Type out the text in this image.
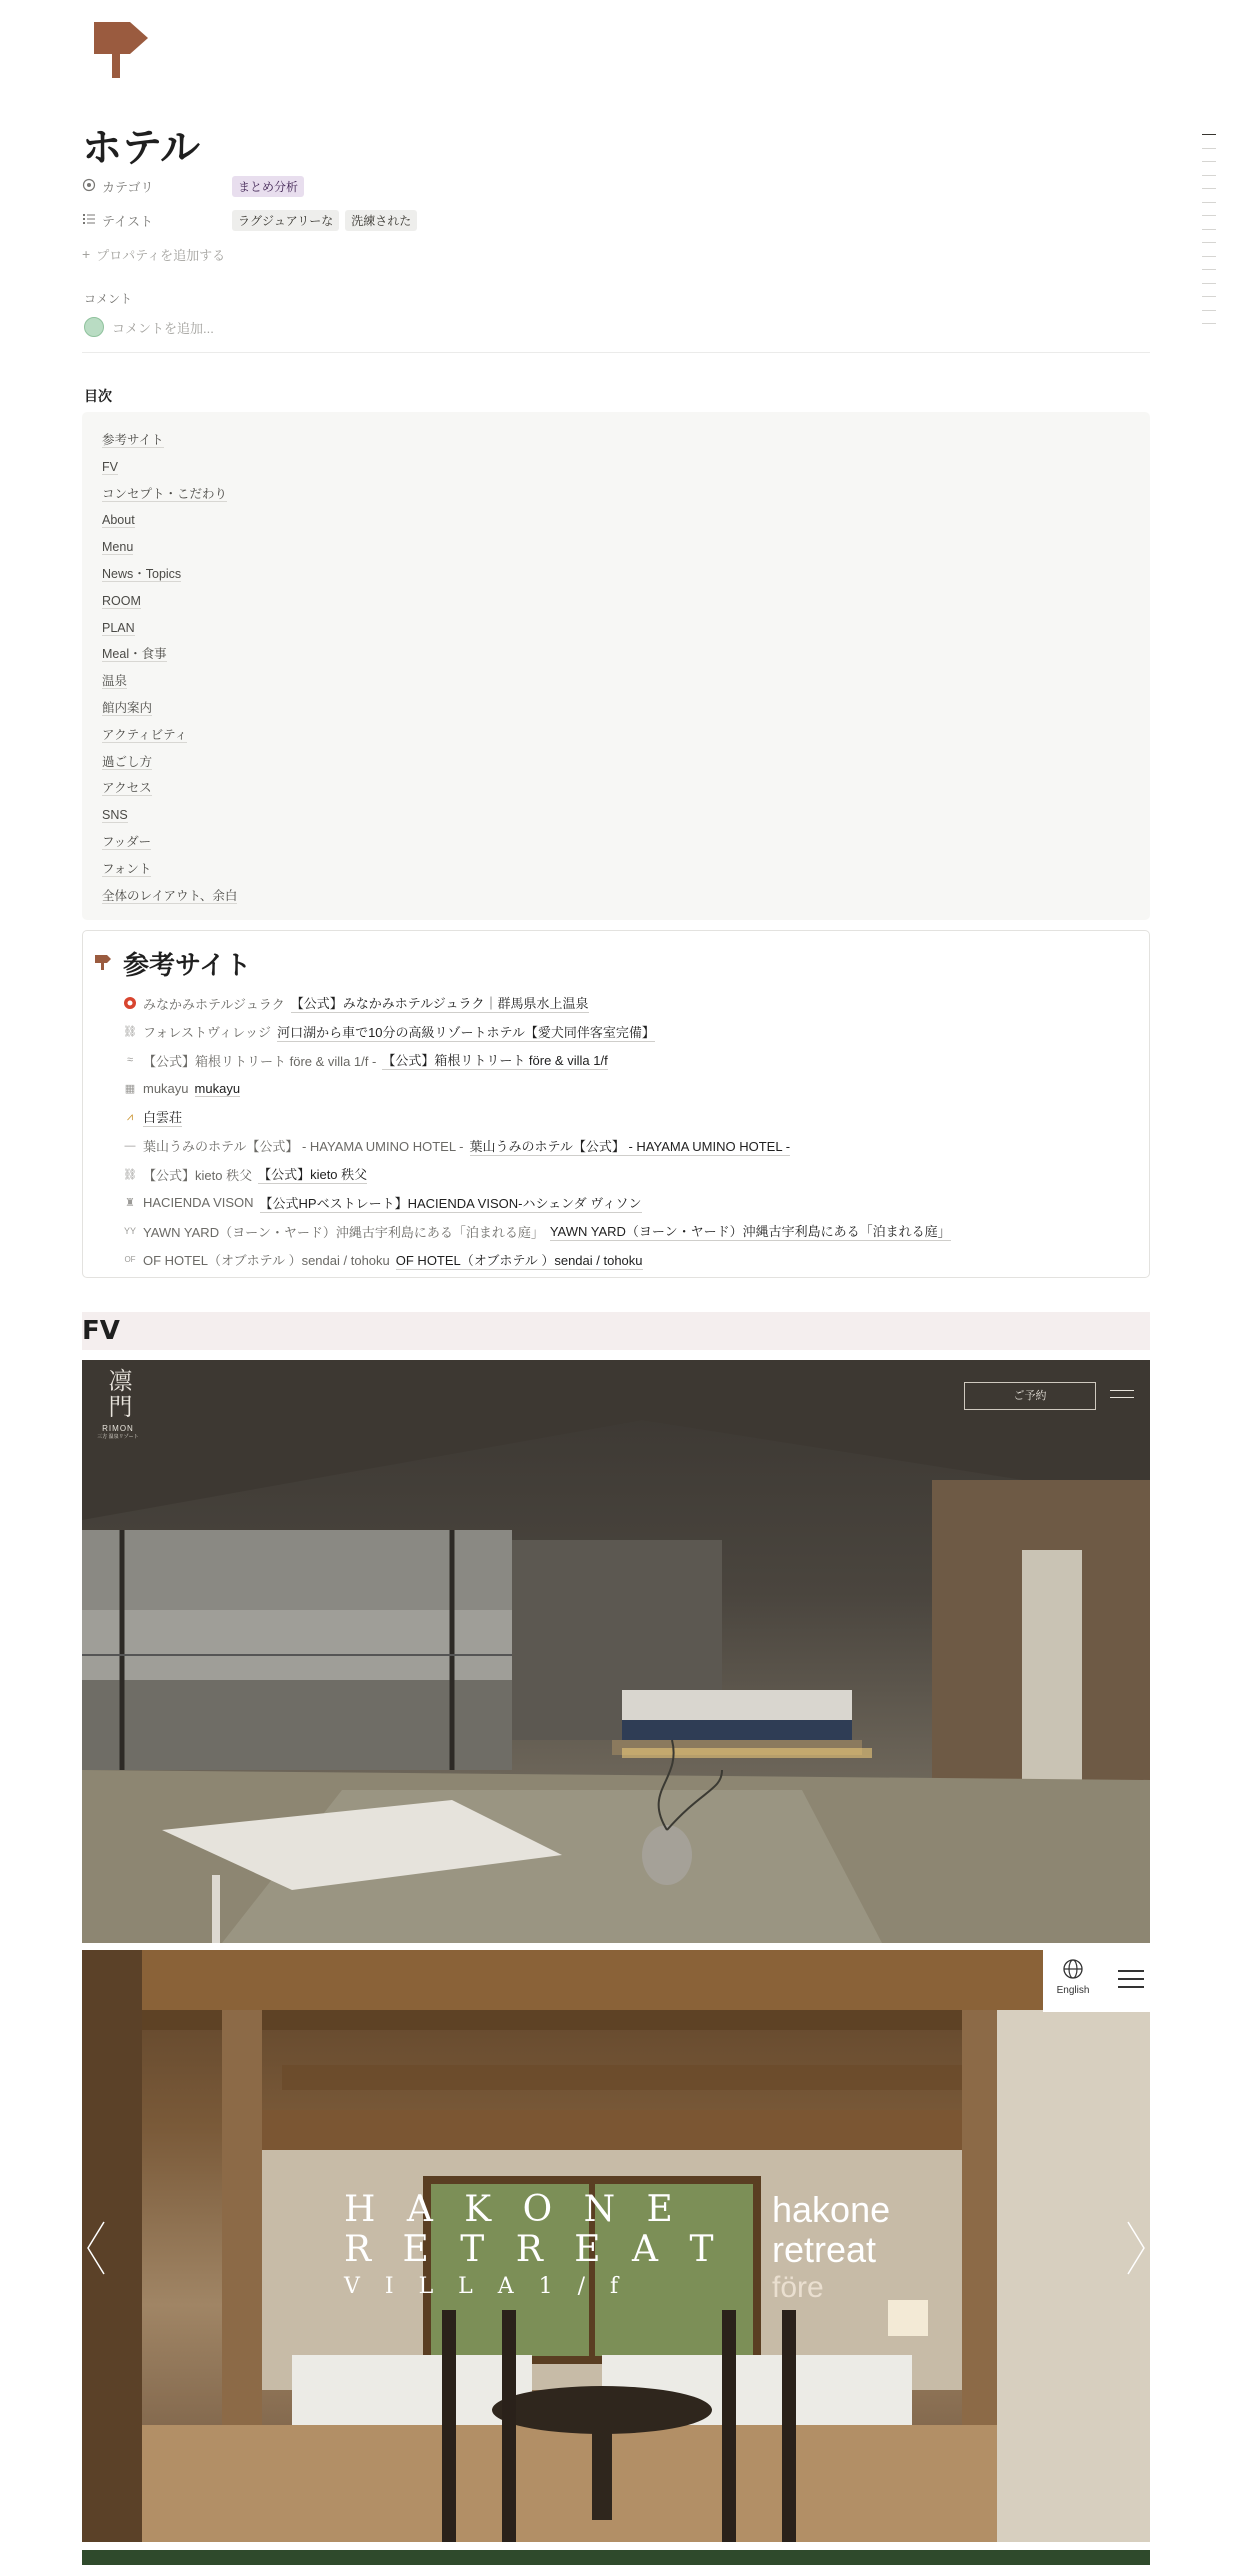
ホテル
カテゴリ	まとめ分析
テイスト	ラグジュアリーな	洗練された
+ プロパティを追加する
コメント
コメントを追加...
目次
参考サイト
FV
コンセプト・こだわり
About
Menu
News・Topics
ROOM
PLAN
Meal・食事
温泉
館内案内
アクティビティ
過ごし方
アクセス
SNS
フッダー
フォント
全体のレイアウト、余白
参考サイト
みなかみホテルジュラク 【公式】みなかみホテルジュラク｜群馬県水上温泉
⛓ フォレストヴィレッジ 河口湖から車で10分の高級リゾートホテル【愛犬同伴客室完備】
≈ 【公式】箱根リトリート före & villa 1/f - 【公式】箱根リトリート före & villa 1/f
▦ mukayu mukayu
⩘ 白雲荘
— 葉山うみのホテル【公式】 - HAYAMA UMINO HOTEL - 葉山うみのホテル【公式】 - HAYAMA UMINO HOTEL -
⛓ 【公式】kieto 秩父 【公式】kieto 秩父
♜ HACIENDA VISON 【公式HPベストレート】HACIENDA VISON-ハシェンダ ヴィソン
YY YAWN YARD（ヨーン・ヤード）沖縄古宇利島にある「泊まれる庭」 YAWN YARD（ヨーン・ヤード）沖縄古宇利島にある「泊まれる庭」
OF OF HOTEL（オブホテル ）sendai / tohoku OF HOTEL（オブホテル ）sendai / tohoku
FV
凛門
RIMON
三方 温泉リゾート
ご予約
English
H A K O N E
R E T R E A T
V I L L A 1 / f
hakone
retreat
före
